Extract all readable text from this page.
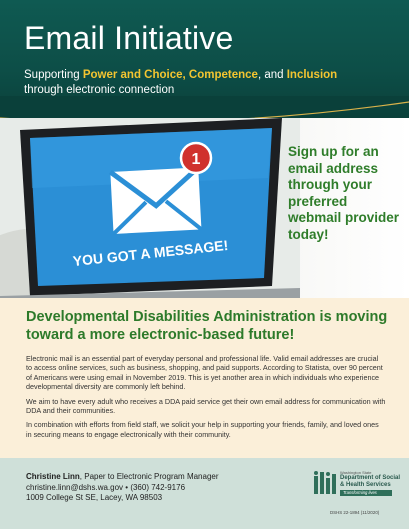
Email Initiative
Supporting Power and Choice, Competence, and Inclusion
through electronic connection
1
YOU GOT A MESSAGE!
Sign up for an email address through your preferred webmail provider today!
Developmental Disabilities Administration is moving toward a more electronic-based future!

Electronic mail is an essential part of everyday personal and professional life. Valid email addresses are crucial to access online services, such as business, shopping, and paid supports. According to Statista, over 90 percent of Americans were using email in November 2019. This is yet another area in which individuals who experience developmental diversity are commonly left behind.

We aim to have every adult who receives a DDA paid service get their own email address for communication with DDA and their communities.

In combination with efforts from field staff, we solicit your help in supporting your friends, family, and loved ones in securing means to engage electronically with their community.

Christine Linn, Paper to Electronic Program Manager
christine.linn@dshs.wa.gov • (360) 742-9176
1009 College St SE, Lacey, WA 98503
Washington State
Department of Social
& Health Services
Transforming lives
DSHS 22-1894 (11/2020)
